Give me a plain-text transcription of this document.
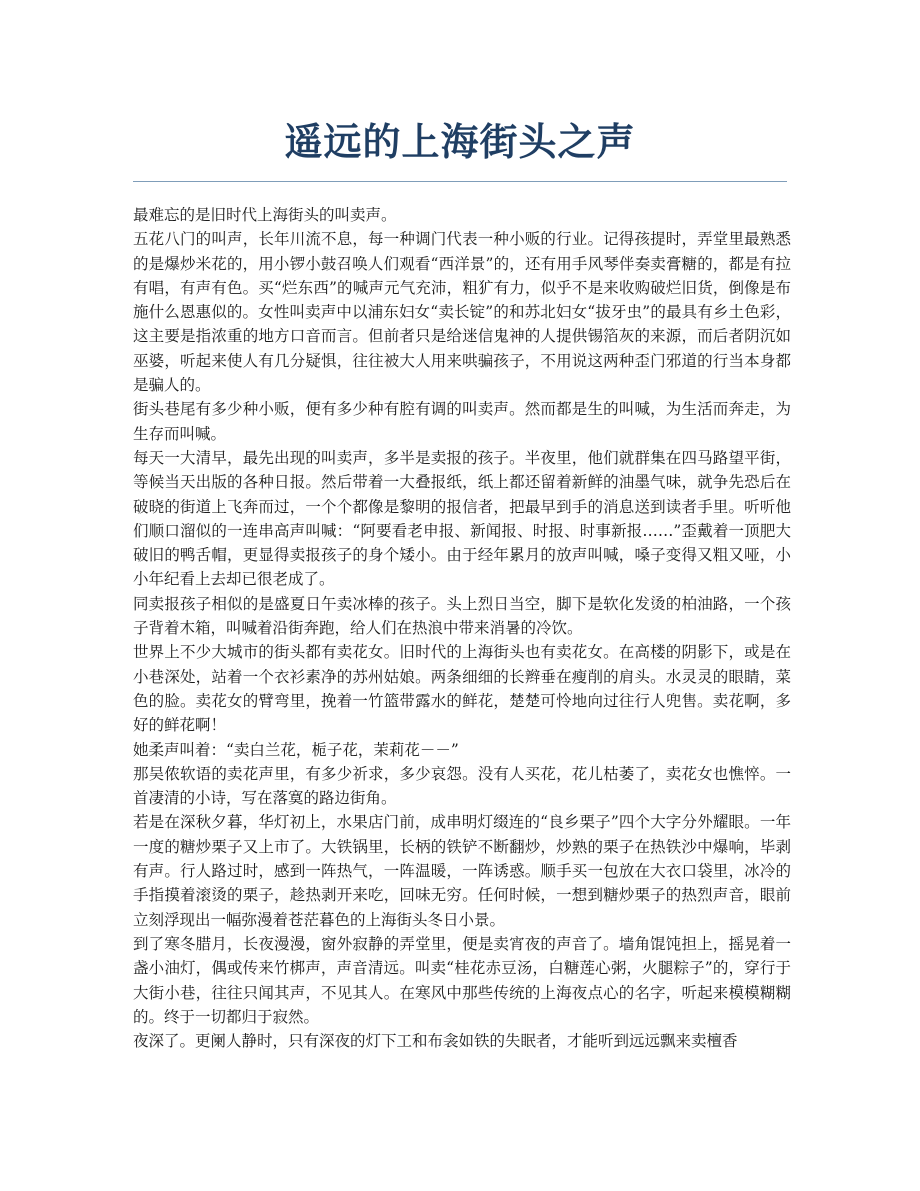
遥远的上海街头之声

最难忘的是旧时代上海街头的叫卖声。

五花八门的叫声，长年川流不息，每一种调门代表一种小贩的行业。记得孩提时，弄堂里最熟悉的是爆炒米花的，用小锣小鼓召唤人们观看“西洋景”的，还有用手风琴伴奏卖膏糖的，都是有拉有唱，有声有色。买“烂东西”的喊声元气充沛，粗犷有力，似乎不是来收购破烂旧货，倒像是布施什么恩惠似的。女性叫卖声中以浦东妇女“卖长锭”的和苏北妇女“拔牙虫”的最具有乡土色彩，这主要是指浓重的地方口音而言。但前者只是给迷信鬼神的人提供锡箔灰的来源，而后者阴沉如巫婆，听起来使人有几分疑惧，往往被大人用来哄骗孩子，不用说这两种歪门邪道的行当本身都是骗人的。

街头巷尾有多少种小贩，便有多少种有腔有调的叫卖声。然而都是生的叫喊，为生活而奔走，为生存而叫喊。

每天一大清早，最先出现的叫卖声，多半是卖报的孩子。半夜里，他们就群集在四马路望平街，等候当天出版的各种日报。然后带着一大叠报纸，纸上都还留着新鲜的油墨气味，就争先恐后在破晓的街道上飞奔而过，一个个都像是黎明的报信者，把最早到手的消息送到读者手里。听听他们顺口溜似的一连串高声叫喊：“阿要看老申报、新闻报、时报、时事新报……”歪戴着一顶肥大破旧的鸭舌帽，更显得卖报孩子的身个矮小。由于经年累月的放声叫喊，嗓子变得又粗又哑，小小年纪看上去却已很老成了。

同卖报孩子相似的是盛夏日午卖冰棒的孩子。头上烈日当空，脚下是软化发烫的柏油路，一个孩子背着木箱，叫喊着沿街奔跑，给人们在热浪中带来消暑的冷饮。

世界上不少大城市的街头都有卖花女。旧时代的上海街头也有卖花女。在高楼的阴影下，或是在小巷深处，站着一个衣衫素净的苏州姑娘。两条细细的长辫垂在瘦削的肩头。水灵灵的眼睛，菜色的脸。卖花女的臂弯里，挽着一竹篮带露水的鲜花，楚楚可怜地向过往行人兜售。卖花啊，多好的鲜花啊！

她柔声叫着：“卖白兰花，栀子花，茉莉花－－”

那吴侬软语的卖花声里，有多少祈求，多少哀怨。没有人买花，花儿枯萎了，卖花女也憔悴。一首凄清的小诗，写在落寞的路边街角。

若是在深秋夕暮，华灯初上，水果店门前，成串明灯缀连的“良乡栗子”四个大字分外耀眼。一年一度的糖炒栗子又上市了。大铁锅里，长柄的铁铲不断翻炒，炒熟的栗子在热铁沙中爆响，毕剥有声。行人路过时，感到一阵热气，一阵温暖，一阵诱惑。顺手买一包放在大衣口袋里，冰冷的手指摸着滚烫的栗子，趁热剥开来吃，回味无穷。任何时候，一想到糖炒栗子的热烈声音，眼前立刻浮现出一幅弥漫着苍茫暮色的上海街头冬日小景。

到了寒冬腊月，长夜漫漫，窗外寂静的弄堂里，便是卖宵夜的声音了。墙角馄饨担上，摇晃着一盏小油灯，偶或传来竹梆声，声音清远。叫卖“桂花赤豆汤，白糖莲心粥，火腿粽子”的，穿行于大街小巷，往往只闻其声，不见其人。在寒风中那些传统的上海夜点心的名字，听起来模模糊糊的。终于一切都归于寂然。

夜深了。更阑人静时，只有深夜的灯下工和布衾如铁的失眠者，才能听到远远飘来卖檀香
